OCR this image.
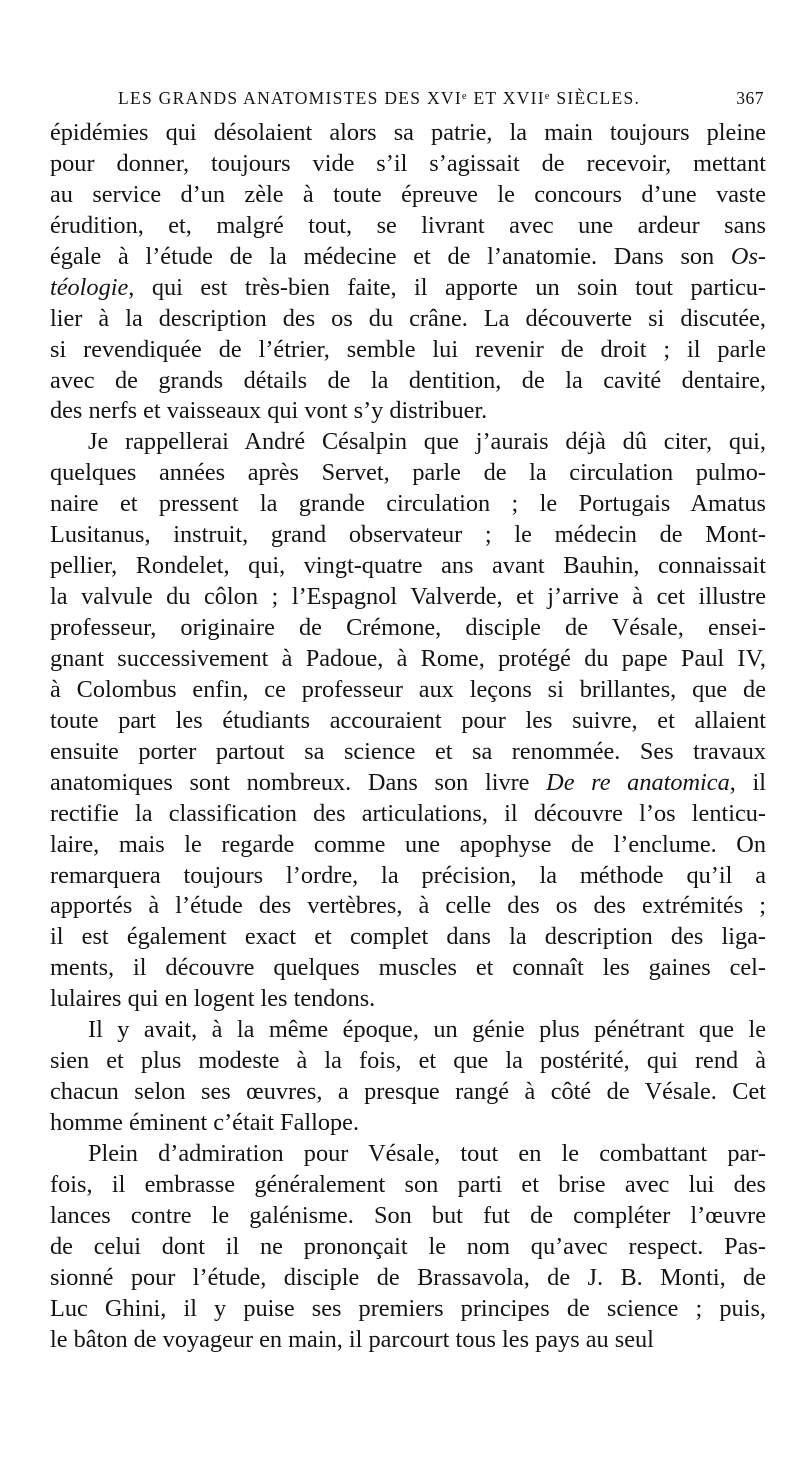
LES GRANDS ANATOMISTES DES XVIᵉ ET XVIIᵉ SIÈCLES.	367
épidémies qui désolaient alors sa patrie, la main toujours pleine
pour donner, toujours vide s’il s’agissait de recevoir, mettant
au service d’un zèle à toute épreuve le concours d’une vaste
érudition, et, malgré tout, se livrant avec une ardeur sans
égale à l’étude de la médecine et de l’anatomie. Dans son Os-
téologie, qui est très-bien faite, il apporte un soin tout particu-
lier à la description des os du crâne. La découverte si discutée,
si revendiquée de l’étrier, semble lui revenir de droit ; il parle
avec de grands détails de la dentition, de la cavité dentaire,
des nerfs et vaisseaux qui vont s’y distribuer.
Je rappellerai André Césalpin que j’aurais déjà dû citer, qui,
quelques années après Servet, parle de la circulation pulmo-
naire et pressent la grande circulation ; le Portugais Amatus
Lusitanus, instruit, grand observateur ; le médecin de Mont-
pellier, Rondelet, qui, vingt-quatre ans avant Bauhin, connaissait
la valvule du côlon ; l’Espagnol Valverde, et j’arrive à cet illustre
professeur, originaire de Crémone, disciple de Vésale, ensei-
gnant successivement à Padoue, à Rome, protégé du pape Paul IV,
à Colombus enfin, ce professeur aux leçons si brillantes, que de
toute part les étudiants accouraient pour les suivre, et allaient
ensuite porter partout sa science et sa renommée. Ses travaux
anatomiques sont nombreux. Dans son livre De re anatomica, il
rectifie la classification des articulations, il découvre l’os lenticu-
laire, mais le regarde comme une apophyse de l’enclume. On
remarquera toujours l’ordre, la précision, la méthode qu’il a
apportés à l’étude des vertèbres, à celle des os des extrémités ;
il est également exact et complet dans la description des liga-
ments, il découvre quelques muscles et connaît les gaines cel-
lulaires qui en logent les tendons.
Il y avait, à la même époque, un génie plus pénétrant que le
sien et plus modeste à la fois, et que la postérité, qui rend à
chacun selon ses œuvres, a presque rangé à côté de Vésale. Cet
homme éminent c’était Fallope.
Plein d’admiration pour Vésale, tout en le combattant par-
fois, il embrasse généralement son parti et brise avec lui des
lances contre le galénisme. Son but fut de compléter l’œuvre
de celui dont il ne prononçait le nom qu’avec respect. Pas-
sionné pour l’étude, disciple de Brassavola, de J. B. Monti, de
Luc Ghini, il y puise ses premiers principes de science ; puis,
le bâton de voyageur en main, il parcourt tous les pays au seul
